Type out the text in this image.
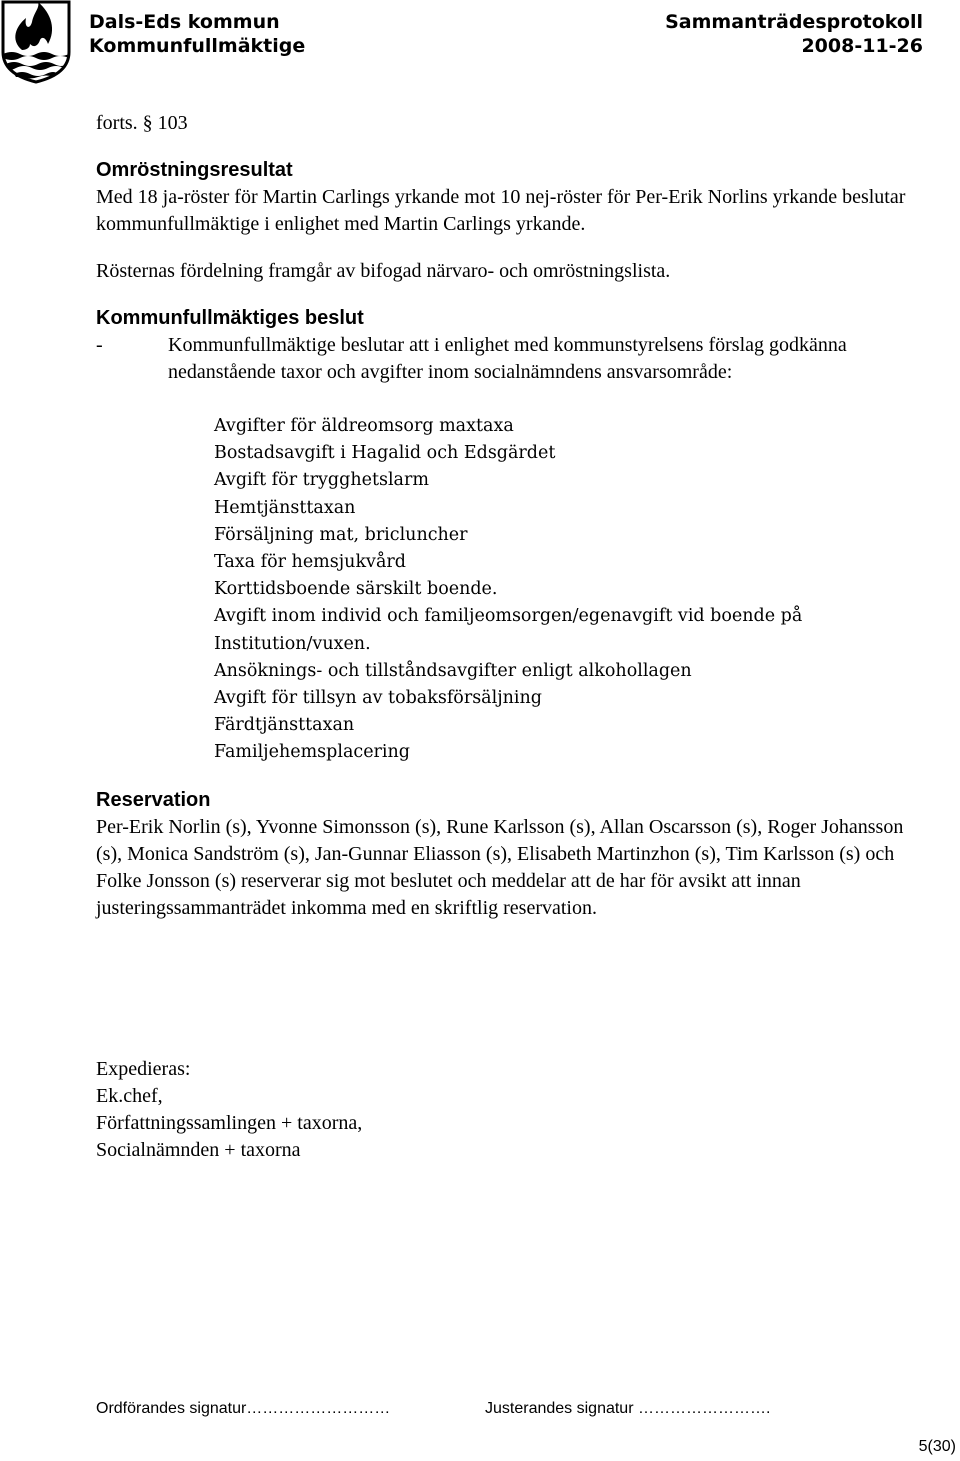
Dals-Eds kommun
Kommunfullmäktige
Sammanträdesprotokoll
2008-11-26

forts. § 103

Omröstningsresultat

Med 18 ja-röster för Martin Carlings yrkande mot 10 nej-röster för Per-Erik Norlins yrkande beslutar kommunfullmäktige i enlighet med Martin Carlings yrkande.

Rösternas fördelning framgår av bifogad närvaro- och omröstningslista.

Kommunfullmäktiges beslut

-	Kommunfullmäktige beslutar att i enlighet med kommunstyrelsens förslag godkänna nedanstående taxor och avgifter inom socialnämndens ansvarsområde:
Avgifter för äldreomsorg maxtaxa
Bostadsavgift i Hagalid och Edsgärdet
Avgift för trygghetslarm
Hemtjänsttaxan
Försäljning mat, bricluncher
Taxa för hemsjukvård
Korttidsboende särskilt boende.
Avgift inom individ och familjeomsorgen/egenavgift vid boende på
Institution/vuxen.
Ansöknings- och tillståndsavgifter enligt alkohollagen
Avgift för tillsyn av tobaksförsäljning
Färdtjänsttaxan
Familjehemsplacering

Reservation

Per-Erik Norlin (s), Yvonne Simonsson (s), Rune Karlsson (s), Allan Oscarsson (s), Roger Johansson (s), Monica Sandström (s), Jan-Gunnar Eliasson (s), Elisabeth Martinzhon (s), Tim Karlsson (s) och Folke Jonsson (s) reserverar sig mot beslutet och meddelar att de har för avsikt att innan justeringssammanträdet inkomma med en skriftlig reservation.

Expedieras:

Ek.chef,

Författningssamlingen + taxorna,

Socialnämnden + taxorna

Ordförandes signatur………………………	Justerandes signatur …………………….
5(30)
